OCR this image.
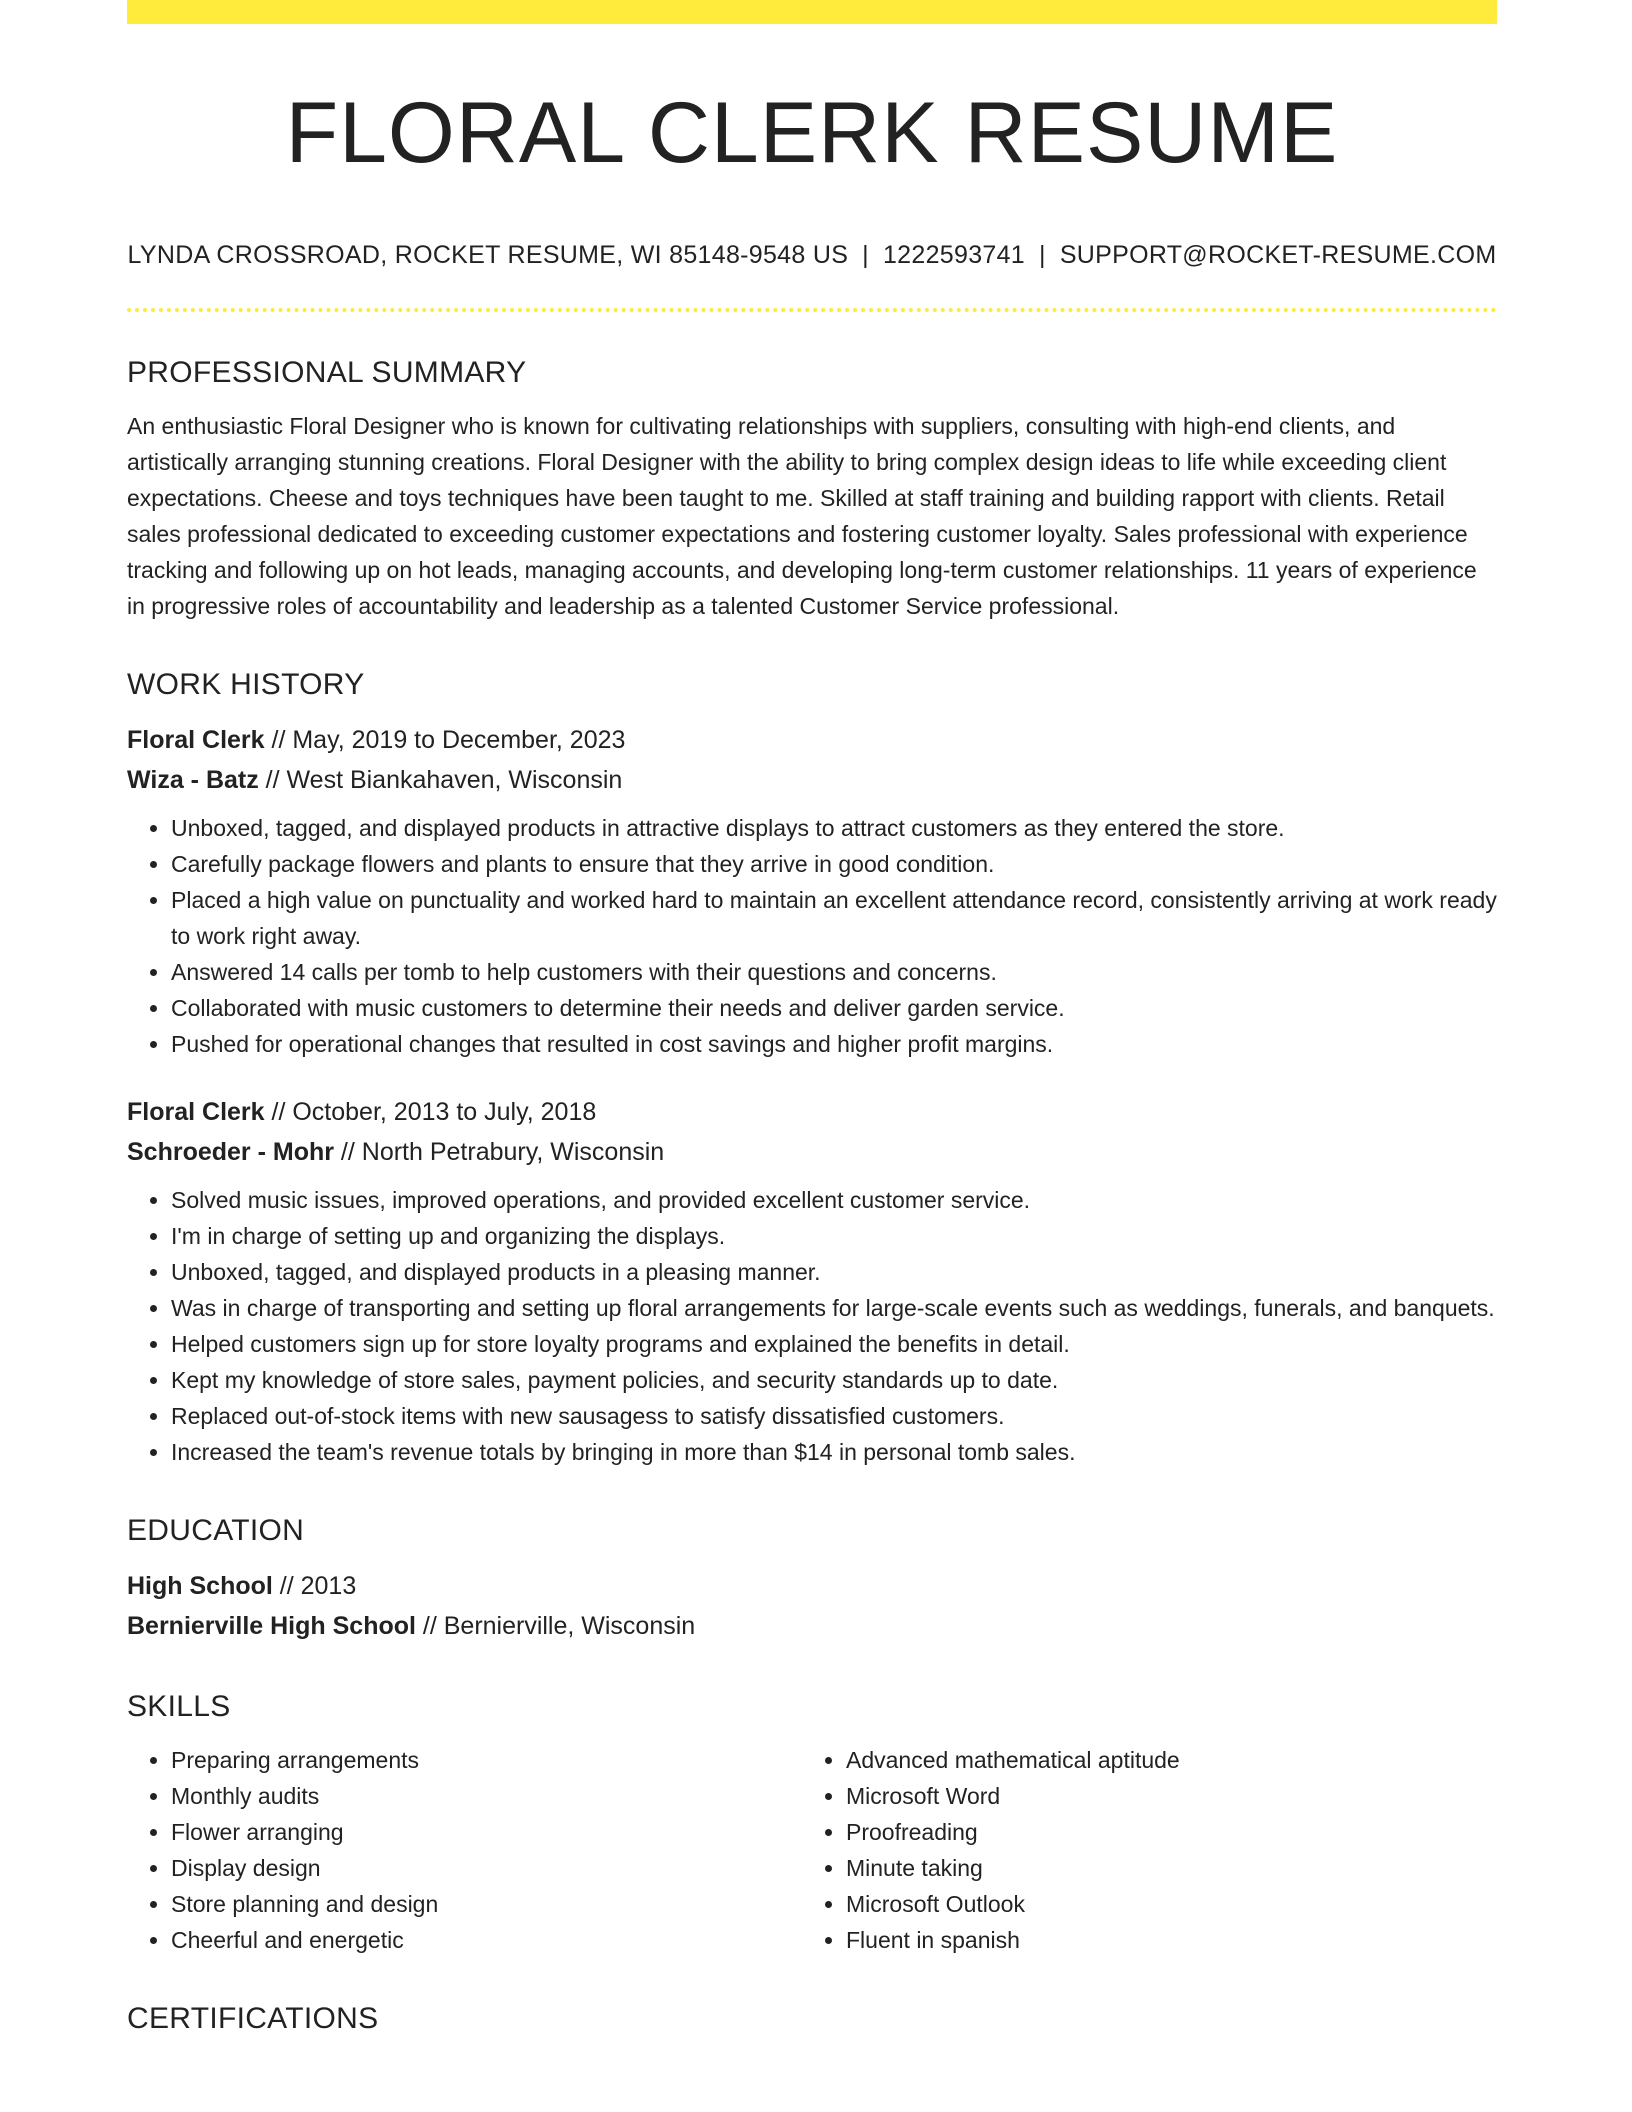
FLORAL CLERK RESUME
LYNDA CROSSROAD, ROCKET RESUME, WI 85148-9548 US | 1222593741 | SUPPORT@ROCKET-RESUME.COM
PROFESSIONAL SUMMARY

An enthusiastic Floral Designer who is known for cultivating relationships with suppliers, consulting with high-end clients, and artistically arranging stunning creations. Floral Designer with the ability to bring complex design ideas to life while exceeding client expectations. Cheese and toys techniques have been taught to me. Skilled at staff training and building rapport with clients. Retail sales professional dedicated to exceeding customer expectations and fostering customer loyalty. Sales professional with experience tracking and following up on hot leads, managing accounts, and developing long-term customer relationships. 11 years of experience in progressive roles of accountability and leadership as a talented Customer Service professional.

WORK HISTORY
Floral Clerk // May, 2019 to December, 2023
Wiza - Batz // West Biankahaven, Wisconsin
• Unboxed, tagged, and displayed products in attractive displays to attract customers as they entered the store.
• Carefully package flowers and plants to ensure that they arrive in good condition.
• Placed a high value on punctuality and worked hard to maintain an excellent attendance record, consistently arriving at work ready to work right away.
• Answered 14 calls per tomb to help customers with their questions and concerns.
• Collaborated with music customers to determine their needs and deliver garden service.
• Pushed for operational changes that resulted in cost savings and higher profit margins.
Floral Clerk // October, 2013 to July, 2018
Schroeder - Mohr // North Petrabury, Wisconsin
• Solved music issues, improved operations, and provided excellent customer service.
• I'm in charge of setting up and organizing the displays.
• Unboxed, tagged, and displayed products in a pleasing manner.
• Was in charge of transporting and setting up floral arrangements for large-scale events such as weddings, funerals, and banquets.
• Helped customers sign up for store loyalty programs and explained the benefits in detail.
• Kept my knowledge of store sales, payment policies, and security standards up to date.
• Replaced out-of-stock items with new sausagess to satisfy dissatisfied customers.
• Increased the team's revenue totals by bringing in more than $14 in personal tomb sales.
EDUCATION
High School // 2013
Bernierville High School // Bernierville, Wisconsin
SKILLS
• Preparing arrangements
• Monthly audits
• Flower arranging
• Display design
• Store planning and design
• Cheerful and energetic
• Advanced mathematical aptitude
• Microsoft Word
• Proofreading
• Minute taking
• Microsoft Outlook
• Fluent in spanish
CERTIFICATIONS
